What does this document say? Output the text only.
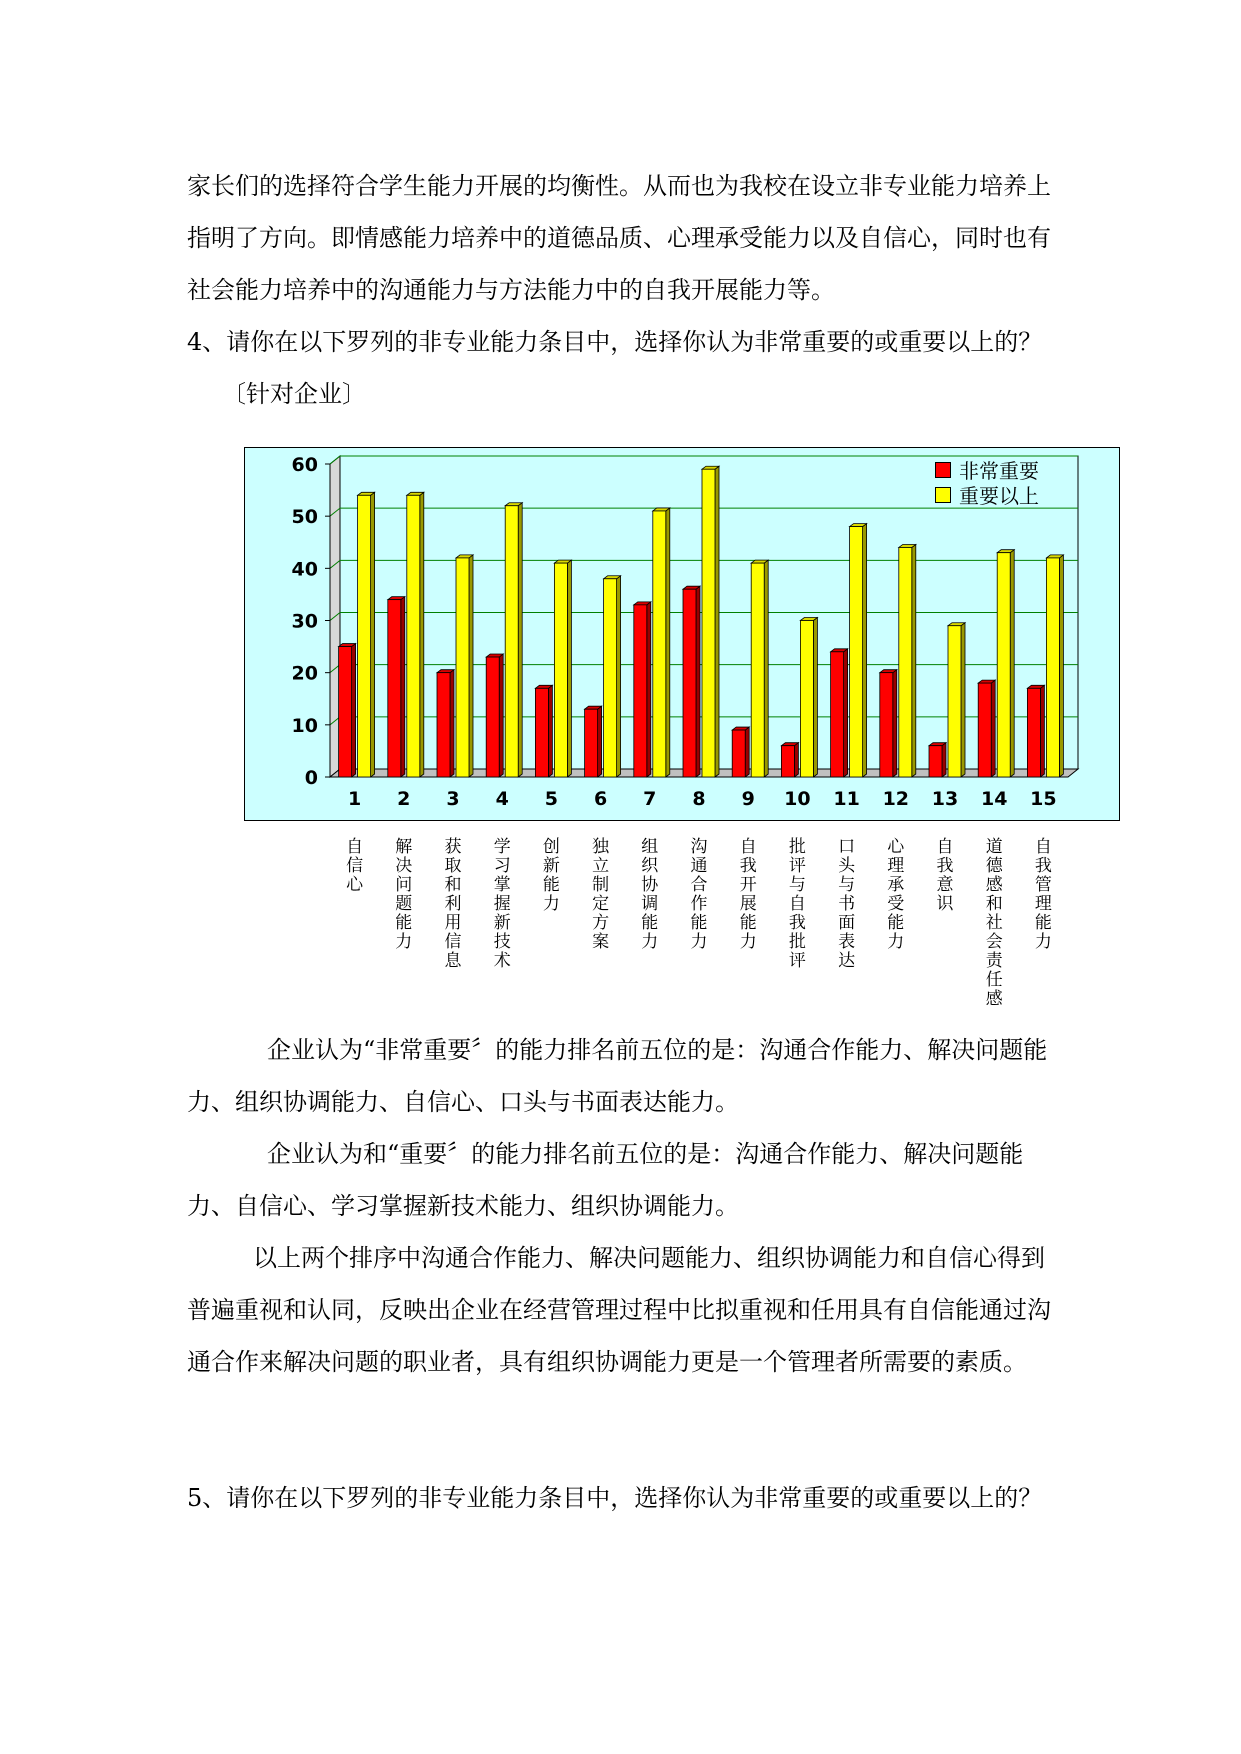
家长们的选择符合学生能力开展的均衡性。从而也为我校在设立非专业能力培养上指明了方向。即情感能力培养中的道德品质、心理承受能力以及自信心，同时也有社会能力培养中的沟通能力与方法能力中的自我开展能力等。

4、请你在以下罗列的非专业能力条目中，选择你认为非常重要的或重要以上的？

〔针对企业〕

0
10
20
30
40
50
60
1 2 3 4 5 6 7 8 9 10 11 12 13 14 15
非常重要
重要以上
自信心
解决问题能力
获取和利用信息
学习掌握新技术
创新能力
独立制定方案
组织协调能力
沟通合作能力
自我开展能力
批评与自我批评
口头与书面表达
心理承受能力
自我意识
道德感和社会责任感
自我管理能力

企业认为“非常重要〞的能力排名前五位的是：沟通合作能力、解决问题能力、组织协调能力、自信心、口头与书面表达能力。

企业认为和“重要〞的能力排名前五位的是：沟通合作能力、解决问题能力、自信心、学习掌握新技术能力、组织协调能力。

以上两个排序中沟通合作能力、解决问题能力、组织协调能力和自信心得到普遍重视和认同，反映出企业在经营管理过程中比拟重视和任用具有自信能通过沟通合作来解决问题的职业者，具有组织协调能力更是一个管理者所需要的素质。

5、请你在以下罗列的非专业能力条目中，选择你认为非常重要的或重要以上的？
